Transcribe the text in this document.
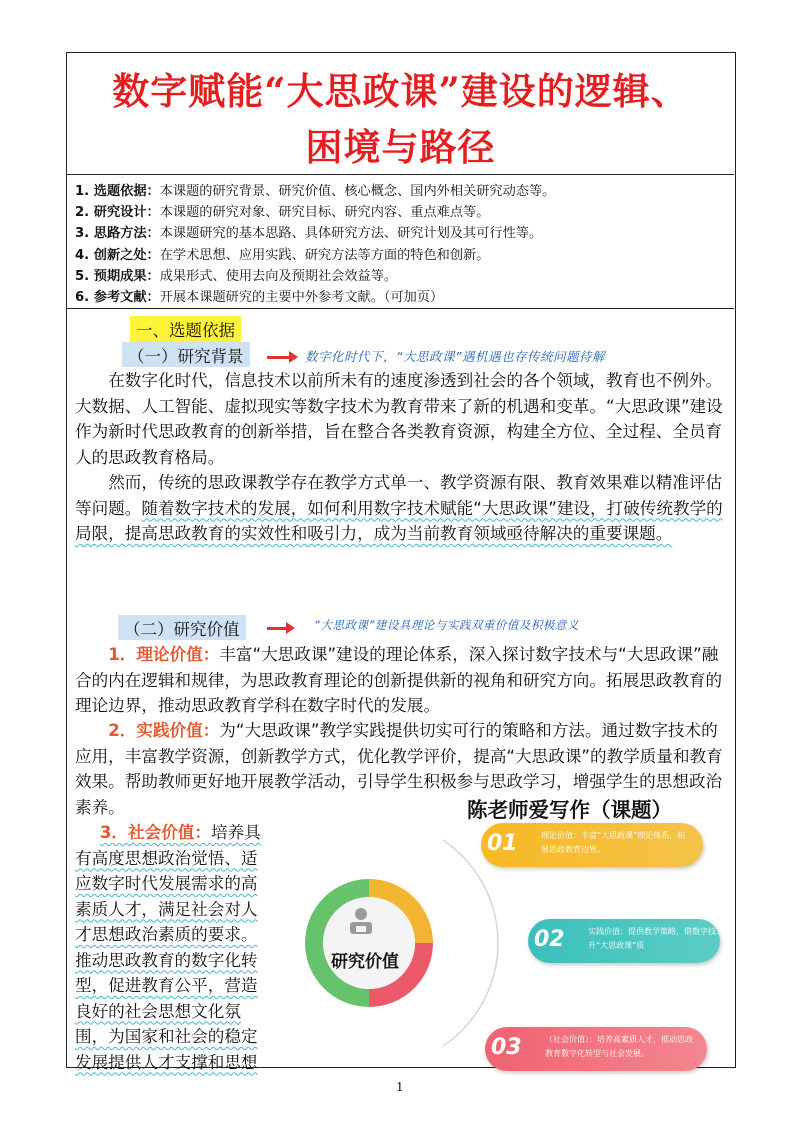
数字赋能“大思政课”建设的逻辑、
困境与路径
1. 选题依据：本课题的研究背景、研究价值、核心概念、国内外相关研究动态等。
2. 研究设计：本课题的研究对象、研究目标、研究内容、重点难点等。
3. 思路方法：本课题研究的基本思路、具体研究方法、研究计划及其可行性等。
4. 创新之处：在学术思想、应用实践、研究方法等方面的特色和创新。
5. 预期成果：成果形式、使用去向及预期社会效益等。
6. 参考文献：开展本课题研究的主要中外参考文献。（可加页）
一、选题依据
（一）研究背景	数字化时代下，“大思政课”遇机遇也存传统问题待解
在数字化时代，信息技术以前所未有的速度渗透到社会的各个领域，教育也不例外。大数据、人工智能、虚拟现实等数字技术为教育带来了新的机遇和变革。“大思政课”建设作为新时代思政教育的创新举措，旨在整合各类教育资源，构建全方位、全过程、全员育人的思政教育格局。
然而，传统的思政课教学存在教学方式单一、教学资源有限、教育效果难以精准评估等问题。随着数字技术的发展，如何利用数字技术赋能“大思政课”建设，打破传统教学的局限，提高思政教育的实效性和吸引力，成为当前教育领域亟待解决的重要课题。
（二）研究价值	“大思政课”建设具理论与实践双重价值及积极意义
1．理论价值：丰富“大思政课”建设的理论体系，深入探讨数字技术与“大思政课”融合的内在逻辑和规律，为思政教育理论的创新提供新的视角和研究方向。拓展思政教育的理论边界，推动思政教育学科在数字时代的发展。
2．实践价值：为“大思政课”教学实践提供切实可行的策略和方法。通过数字技术的应用，丰富教学资源，创新教学方式，优化教学评价，提高“大思政课”的教学质量和教育效果。帮助教师更好地开展教学活动，引导学生积极参与思政学习，增强学生的思想政治素养。	陈老师爱写作（课题）
3．社会价值：培养具有高度思想政治觉悟、适应数字时代发展需求的高素质人才，满足社会对人才思想政治素质的要求。推动思政教育的数字化转型，促进教育公平，营造良好的社会思想文化氛围，为国家和社会的稳定发展提供人才支撑和思想
研究价值
01	理论价值：丰富“大思政课”理论体系，拓展思政教育边界。
02	实践价值：提供教学策略，借数字技术提升“大思政课”质
03	（社会价值）：培养高素质人才，推动思政教育数字化转型与社会发展。
1
